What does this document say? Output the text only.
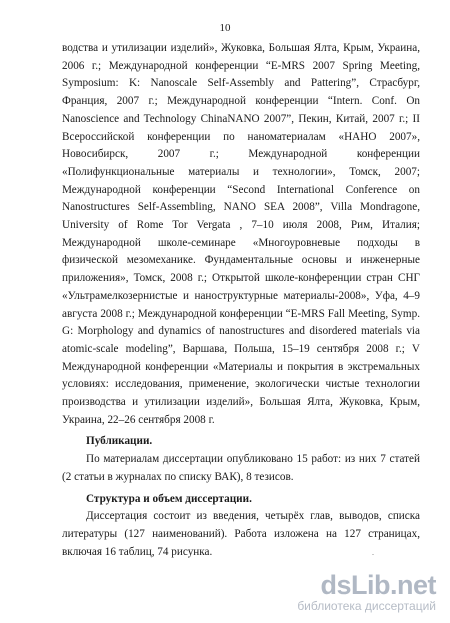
10

водства и утилизации изделий», Жуковка, Большая Ялта, Крым, Украина, 2006 г.; Международной конференции “E-MRS 2007 Spring Meeting, Symposium: K: Nanoscale Self-Assembly and Pattering”, Страсбург, Франция, 2007 г.; Международной конференции “Intern. Conf. On Nanoscience and Technology ChinaNANO 2007”, Пекин, Китай, 2007 г.; II Всероссийской конференции по наноматериалам «НАНО 2007», Новосибирск, 2007 г.; Международной конференции «Полифункциональные материалы и технологии», Томск, 2007; Международной конференции “Second International Conference on Nanostructures Self-Assembling, NANO SEA 2008”, Villa Mondragone, University of Rome Tor Vergata , 7–10 июля 2008, Рим, Италия; Международной школе-семинаре «Многоуровневые подходы в физической мезомеханике. Фундаментальные основы и инженерные приложения», Томск, 2008 г.; Открытой школе-конференции стран СНГ «Ультрамелкозернистые и наноструктурные материалы-2008», Уфа, 4–9 августа 2008 г.; Международной конференции “E-MRS Fall Meeting, Symp. G: Morphology and dynamics of nanostructures and disordered materials via atomic-scale modeling”, Варшава, Польша, 15–19 сентября 2008 г.; V Международной конференции «Материалы и покрытия в экстремальных условиях: исследования, применение, экологически чистые технологии производства и утилизации изделий», Большая Ялта, Жуковка, Крым, Украина, 22–26 сентября 2008 г.

Публикации.

По материалам диссертации опубликовано 15 работ: из них 7 статей (2 статьи в журналах по списку ВАК), 8 тезисов.

Структура и объем диссертации.

Диссертация состоит из введения, четырёх глав, выводов, списка литературы (127 наименований). Работа изложена на 127 страницах, включая 16 таблиц, 74 рисунка.	.
dsLib.net
библиотека диссертаций
